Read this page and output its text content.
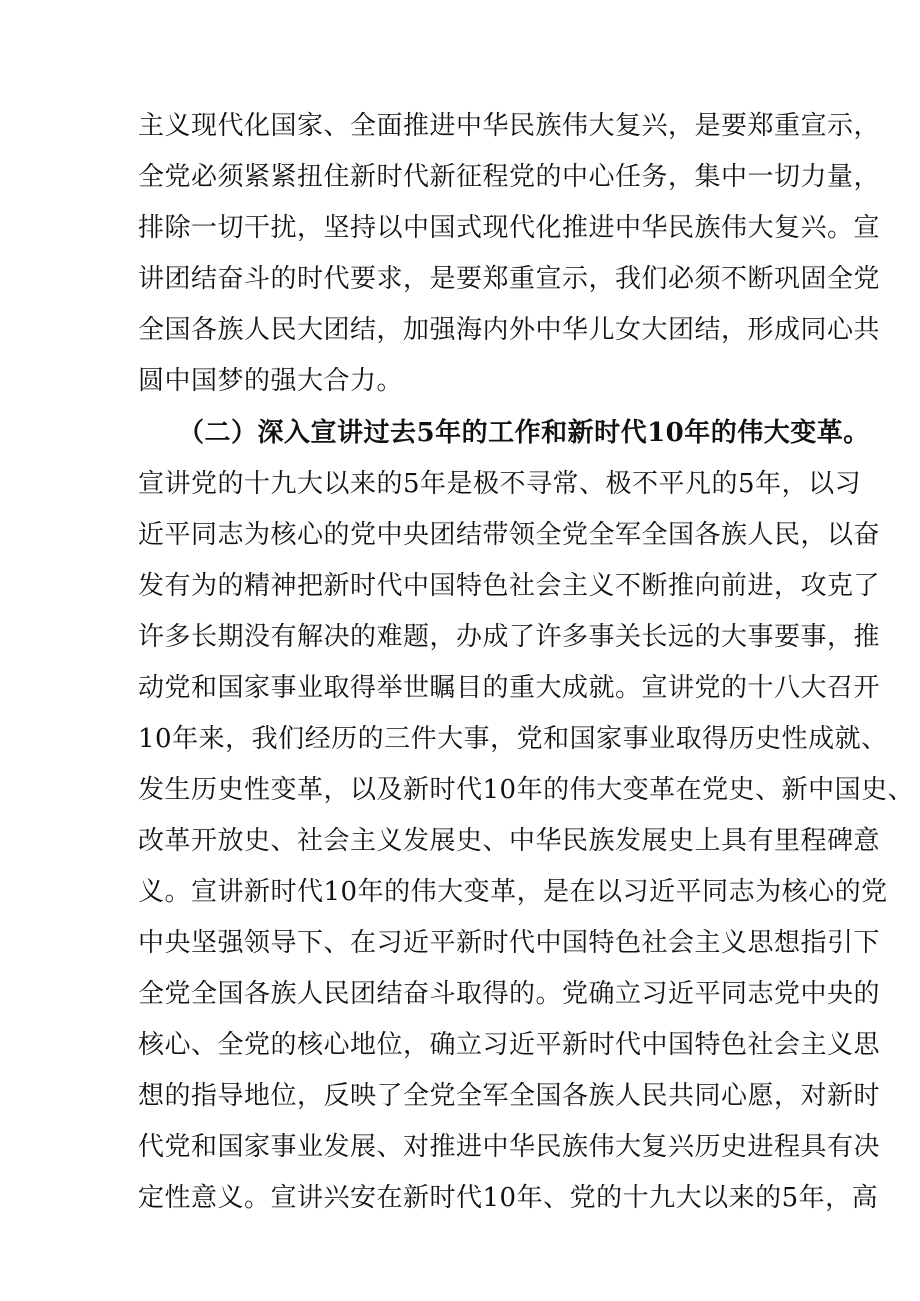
主义现代化国家、全面推进中华民族伟大复兴，是要郑重宣示，
全党必须紧紧扭住新时代新征程党的中心任务，集中一切力量，
排除一切干扰，坚持以中国式现代化推进中华民族伟大复兴。宣
讲团结奋斗的时代要求，是要郑重宣示，我们必须不断巩固全党
全国各族人民大团结，加强海内外中华儿女大团结，形成同心共
圆中国梦的强大合力。
（二）深入宣讲过去5年的工作和新时代10年的伟大变革。
宣讲党的十九大以来的5年是极不寻常、极不平凡的5年，以习
近平同志为核心的党中央团结带领全党全军全国各族人民，以奋
发有为的精神把新时代中国特色社会主义不断推向前进，攻克了
许多长期没有解决的难题，办成了许多事关长远的大事要事，推
动党和国家事业取得举世瞩目的重大成就。宣讲党的十八大召开
10年来，我们经历的三件大事，党和国家事业取得历史性成就、
发生历史性变革，以及新时代10年的伟大变革在党史、新中国史、
改革开放史、社会主义发展史、中华民族发展史上具有里程碑意
义。宣讲新时代10年的伟大变革，是在以习近平同志为核心的党
中央坚强领导下、在习近平新时代中国特色社会主义思想指引下
全党全国各族人民团结奋斗取得的。党确立习近平同志党中央的
核心、全党的核心地位，确立习近平新时代中国特色社会主义思
想的指导地位，反映了全党全军全国各族人民共同心愿，对新时
代党和国家事业发展、对推进中华民族伟大复兴历史进程具有决
定性意义。宣讲兴安在新时代10年、党的十九大以来的5年，高
